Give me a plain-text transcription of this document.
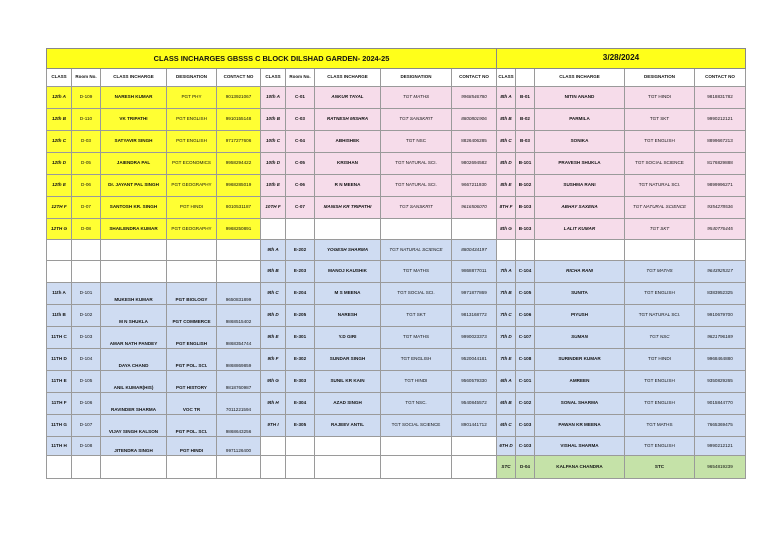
CLASS INCHARGES GBSSS C BLOCK DILSHAD GARDEN- 2024-25										3/28/2024				
CLASS	Room No.	CLASS INCHARGE	DESIGNATION	CONTACT NO	CLASS	Room No.	CLASS INCHARGE	DESIGNATION	CONTACT NO	CLASS		CLASS INCHARGE	DESIGNATION	CONTACT NO
12th A	D-109	NARESH KUMAR	PGT PHY	9013921067	10th A	C-01	ANKUR TAYAL	TGT MATHS	9968546780	8th A	B-01	NITIN ANAND	TGT HINDI	9818831782
12th B	D-110	VK TRIPATHI	PGT ENGLISH	9910155148	10th B	C-03	RATNESH MISHRA	TGT SANSKRIT	8800801906	8th B	B-02	PARMILA	TGT SKT	9990212121
12th C	D-03	SATYAVIR SINGH	PGT ENGLISH	9717277606	10th C	C-04	ABHISHEK	TGT NSC	8826406285	8th C	B-03	SONIKA	TGT ENGLISH	8899667213
12th D	D-05	JAIENDRA PAL	PGT ECONOMICS	9958294422	10th D	C-05	KRISHAN	TGT NATURAL SCI.	9802694582	8th D	B-101	PRAVESH SHUKLA	TGT SOCIAL SCIENCE	8176829888
12th E	D-06	Dr. JAYANT PAL SINGH	PGT GEOGRAPHY	9968285019	10th E	C-06	R N MEENA	TGT NATURAL SCI.	9667211930	8th E	B-102	SUSHMA RANI	TGT NATURAL SCI.	9899996271
12TH F	D-07	SANTOSH KR. SINGH	PGT HINDI	8010531187	10TH F	C-07	MANISH KR TRIPATHI	TGT SANSKRIT	9616506070	8TH F	B-103	ABHAY SAXENA	TGT NATURAL SCIENCE	9354278536
12TH G	D-08	SHAILENDRA KUMAR	PGT GEOGRAPHY	9968250891						8th G	B-103	LALIT KUMAR	TGT SKT	9540776445
					9th A	E-202	YOGESH SHARMA	TGT NATURAL SCIENCE	8800434197					
					9th B	E-203	MANOJ KAUSHIK	TGT MATHS	9868877011	7th A	C-104	RICHA RANI	TGT MATHS	9643925317
11th A	D-101	MUKESH KUMAR	PGT BIOLOGY	9650831899	9th C	E-204	M S MEENA	TGT SOCIAL SCI.	9971877869	7th B	C-105	SUNITA	TGT ENGLISH	8383952325
11th B	D-102	M N SHUKLA	PGT COMMERCE	9868515402	9th D	E-205	NARESH	TGT SKT	9813168772	7th C	C-106	PIYUSH	TGT NATURAL SCI.	9910679700
11TH C	D-103	AMAR NATH PANDEY	PGT ENGLISH	9868354744	9th E	E-301	Y.D GIRI	TGT MATHS	9990023373	7th D	C-107	SUMAN	TGT NSC	9821796189
11TH D	D-104	DAYA CHAND	PGT POL. SCI.	9868869859	9th F	E-302	SUNDAR SINGH	TGT ENGLISH	9520044181	7th E	C-108	SURINDER KUMAR	TGT HINDI	9968464880
11TH E	D-105	ANIL KUMAR(HIS)	PGT HISTORY	9818760987	9th G	E-303	SUNIL KR KAIN	TGT HINDI	9560579330	6th A	C-101	AMREEN	TGT ENGLISH	9350829265
11TH F	D-106	RAVINDER SHARMA	VOC TR	7011221594	9th H	E-304	AZAD SINGH	TGT NSC.	9540845572	6th B	C-102	SONAL SHARMA	TGT ENGLISH	9015844770
11TH G	D-107	VIJAY SINGH KALSON	PGT POL. SCI.	9868643256	9TH I	E-305	RAJEEV ANTIL	TGT SOCIAL SCIENCE	8901441712	6th C	C-103	PAWAN KR MEENA	TGT MATHS	7665369475
11TH H	D-108	JITENDRA SINGH	PGT HINDI	9971126400						6TH D	C-103	VISHAL SHARMA	TGT ENGLISH	9990212121
										STC	D-04	KALPANA CHANDRA	STC	9654819239
